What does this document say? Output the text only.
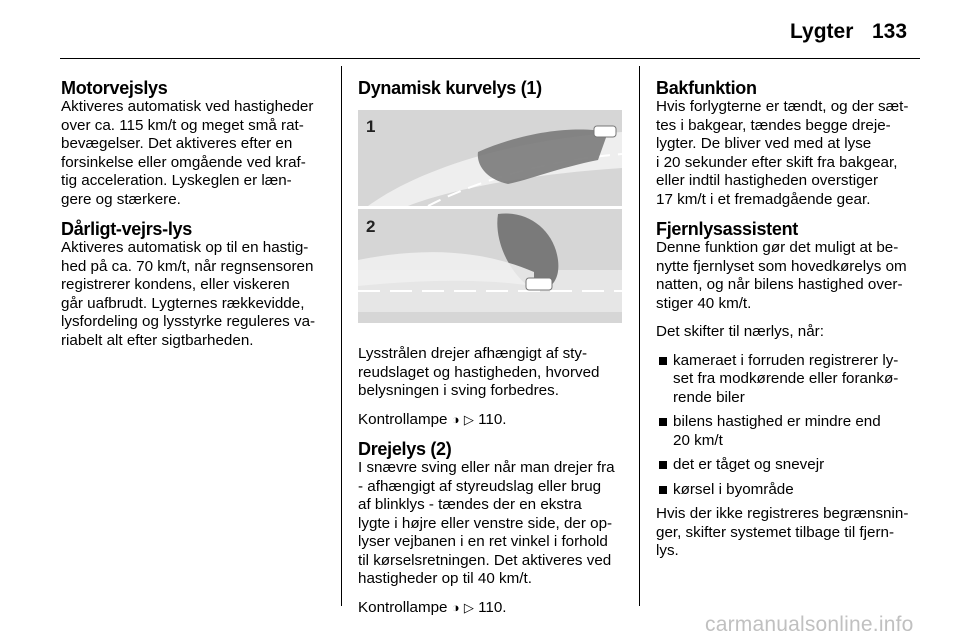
Lygter 133
Motorvejslys

Aktiveres automatisk ved hastigheder
over ca. 115 km/t og meget små rat-
bevægelser. Det aktiveres efter en
forsinkelse eller omgående ved kraf-
tig acceleration. Lyskeglen er læn-
gere og stærkere.

Dårligt-vejrs-lys

Aktiveres automatisk op til en hastig-
hed på ca. 70 km/t, når regnsensoren
registrerer kondens, eller viskeren
går uafbrudt. Lygternes rækkevidde,
lysfordeling og lysstyrke reguleres va-
riabelt alt efter sigtbarheden.

Dynamisk kurvelys (1)
1
2

Lysstrålen drejer afhængigt af sty-
reudslaget og hastigheden, hvorved
belysningen i sving forbedres.

Kontrollampe ◑ ▷ 110.

Drejelys (2)

I snævre sving eller når man drejer fra
- afhængigt af styreudslag eller brug
af blinklys - tændes der en ekstra
lygte i højre eller venstre side, der op-
lyser vejbanen i en ret vinkel i forhold
til kørselsretningen. Det aktiveres ved
hastigheder op til 40 km/t.

Kontrollampe ◑ ▷ 110.

Bakfunktion

Hvis forlygterne er tændt, og der sæt-
tes i bakgear, tændes begge dreje-
lygter. De bliver ved med at lyse
i 20 sekunder efter skift fra bakgear,
eller indtil hastigheden overstiger
17 km/t i et fremadgående gear.

Fjernlysassistent

Denne funktion gør det muligt at be-
nytte fjernlyset som hovedkørelys om
natten, og når bilens hastighed over-
stiger 40 km/t.

Det skifter til nærlys, når:

kameraet i forruden registrerer ly-
set fra modkørende eller forankø-
rende biler
bilens hastighed er mindre end
20 km/t
det er tåget og snevejr
kørsel i byområde

Hvis der ikke registreres begrænsnin-
ger, skifter systemet tilbage til fjern-
lys.

carmanualsonline.info
